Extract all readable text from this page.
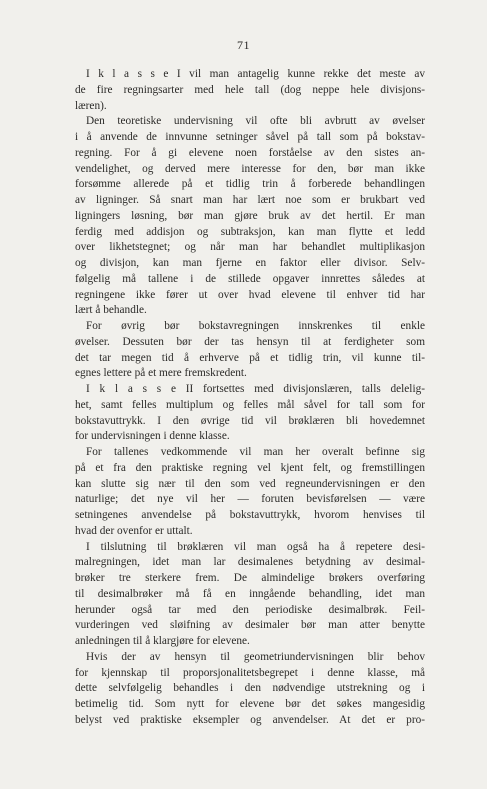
71
I k l a s s e I vil man antagelig kunne rekke det meste av
de fire regningsarter med hele tall (dog neppe hele divisjons-
læren).
Den teoretiske undervisning vil ofte bli avbrutt av øvelser
i å anvende de innvunne setninger såvel på tall som på bokstav-
regning. For å gi elevene noen forståelse av den sistes an-
vendelighet, og derved mere interesse for den, bør man ikke
forsømme allerede på et tidlig trin å forberede behandlingen
av ligninger. Så snart man har lært noe som er brukbart ved
ligningers løsning, bør man gjøre bruk av det hertil. Er man
ferdig med addisjon og subtraksjon, kan man flytte et ledd
over likhetstegnet; og når man har behandlet multiplikasjon
og divisjon, kan man fjerne en faktor eller divisor. Selv-
følgelig må tallene i de stillede opgaver innrettes således at
regningene ikke fører ut over hvad elevene til enhver tid har
lært å behandle.
For øvrig bør bokstavregningen innskrenkes til enkle
øvelser. Dessuten bør der tas hensyn til at ferdigheter som
det tar megen tid å erhverve på et tidlig trin, vil kunne til-
egnes lettere på et mere fremskredent.
I k l a s s e II fortsettes med divisjonslæren, talls delelig-
het, samt felles multiplum og felles mål såvel for tall som for
bokstavuttrykk. I den øvrige tid vil brøklæren bli hovedemnet
for undervisningen i denne klasse.
For tallenes vedkommende vil man her overalt befinne sig
på et fra den praktiske regning vel kjent felt, og fremstillingen
kan slutte sig nær til den som ved regneundervisningen er den
naturlige; det nye vil her — foruten bevisførelsen — være
setningenes anvendelse på bokstavuttrykk, hvorom henvises til
hvad der ovenfor er uttalt.
I tilslutning til brøklæren vil man også ha å repetere desi-
malregningen, idet man lar desimalenes betydning av desimal-
brøker tre sterkere frem. De almindelige brøkers overføring
til desimalbrøker må få en inngående behandling, idet man
herunder også tar med den periodiske desimalbrøk. Feil-
vurderingen ved sløifning av desimaler bør man atter benytte
anledningen til å klargjøre for elevene.
Hvis der av hensyn til geometriundervisningen blir behov
for kjennskap til proporsjonalitetsbegrepet i denne klasse, må
dette selvfølgelig behandles i den nødvendige utstrekning og i
betimelig tid. Som nytt for elevene bør det søkes mangesidig
belyst ved praktiske eksempler og anvendelser. At det er pro-
